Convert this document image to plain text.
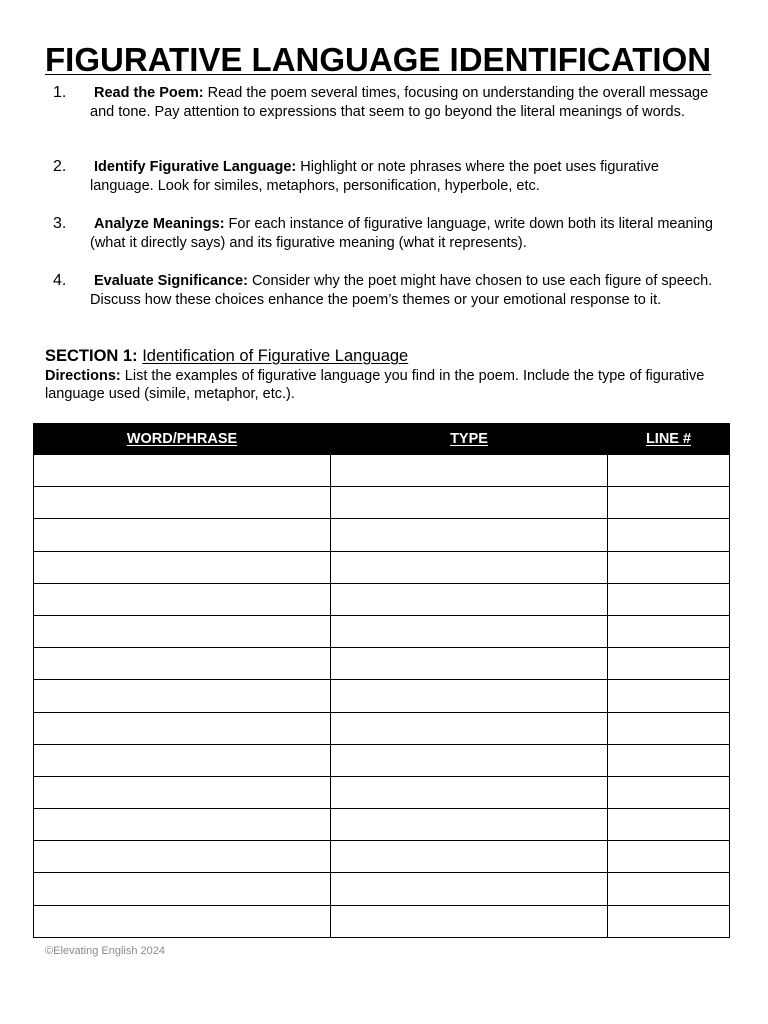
FIGURATIVE LANGUAGE IDENTIFICATION
1. Read the Poem: Read the poem several times, focusing on understanding the overall message and tone. Pay attention to expressions that seem to go beyond the literal meanings of words.
2. Identify Figurative Language: Highlight or note phrases where the poet uses figurative language. Look for similes, metaphors, personification, hyperbole, etc.
3. Analyze Meanings: For each instance of figurative language, write down both its literal meaning (what it directly says) and its figurative meaning (what it represents).
4. Evaluate Significance: Consider why the poet might have chosen to use each figure of speech. Discuss how these choices enhance the poem’s themes or your emotional response to it.
SECTION 1: Identification of Figurative Language
Directions: List the examples of figurative language you find in the poem. Include the type of figurative language used (simile, metaphor, etc.).
WORD/PHRASE	TYPE	LINE #

©Elevating English 2024
